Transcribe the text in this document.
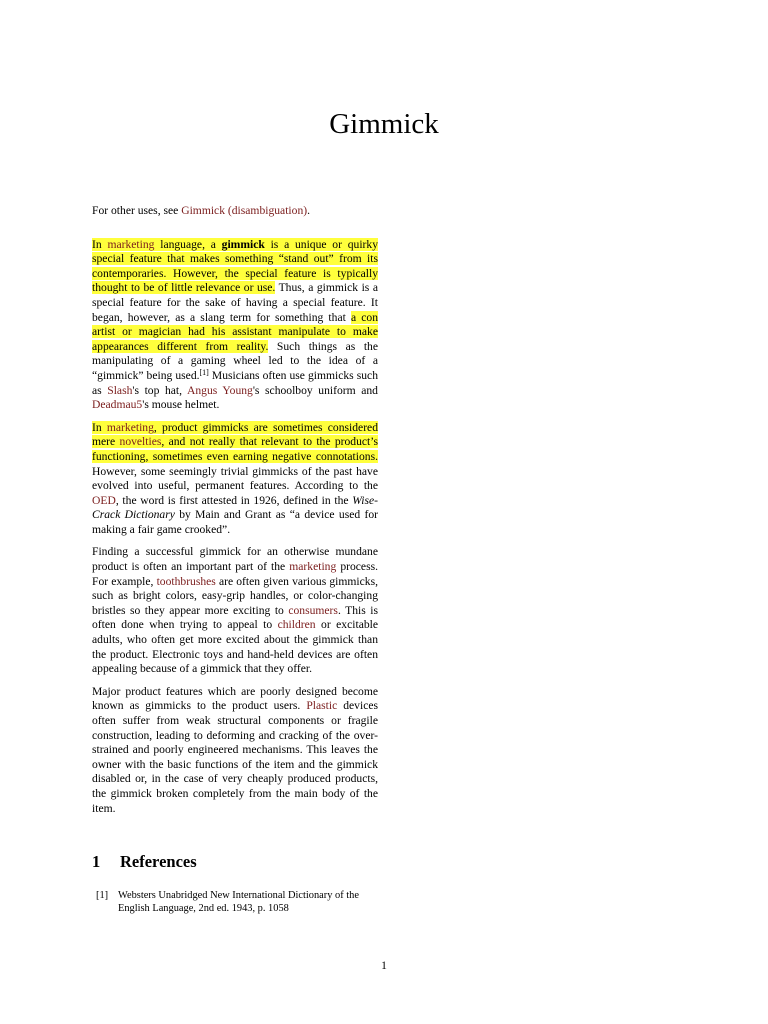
Gimmick

For other uses, see Gimmick (disambiguation).

In marketing language, a gimmick is a unique or quirky special feature that makes something “stand out” from its contemporaries. However, the special feature is typically thought to be of little relevance or use. Thus, a gimmick is a special feature for the sake of having a special feature. It began, however, as a slang term for something that a con artist or magician had his assistant manipulate to make appearances different from reality. Such things as the manipulating of a gaming wheel led to the idea of a “gimmick” being used.[1] Musicians often use gimmicks such as Slash's top hat, Angus Young's schoolboy uniform and Deadmau5's mouse helmet.

In marketing, product gimmicks are sometimes considered mere novelties, and not really that relevant to the product’s functioning, sometimes even earning negative connotations. However, some seemingly trivial gimmicks of the past have evolved into useful, permanent features. According to the OED, the word is first attested in 1926, defined in the Wise-Crack Dictionary by Main and Grant as “a device used for making a fair game crooked”.

Finding a successful gimmick for an otherwise mundane product is often an important part of the marketing process. For example, toothbrushes are often given various gimmicks, such as bright colors, easy-grip handles, or color-changing bristles so they appear more exciting to consumers. This is often done when trying to appeal to children or excitable adults, who often get more excited about the gimmick than the product. Electronic toys and hand-held devices are often appealing because of a gimmick that they offer.

Major product features which are poorly designed become known as gimmicks to the product users. Plastic devices often suffer from weak structural components or fragile construction, leading to deforming and cracking of the over-strained and poorly engineered mechanisms. This leaves the owner with the basic functions of the item and the gimmick disabled or, in the case of very cheaply produced products, the gimmick broken completely from the main body of the item.

1 References
[1] Websters Unabridged New International Dictionary of the English Language, 2nd ed. 1943, p. 1058
1
